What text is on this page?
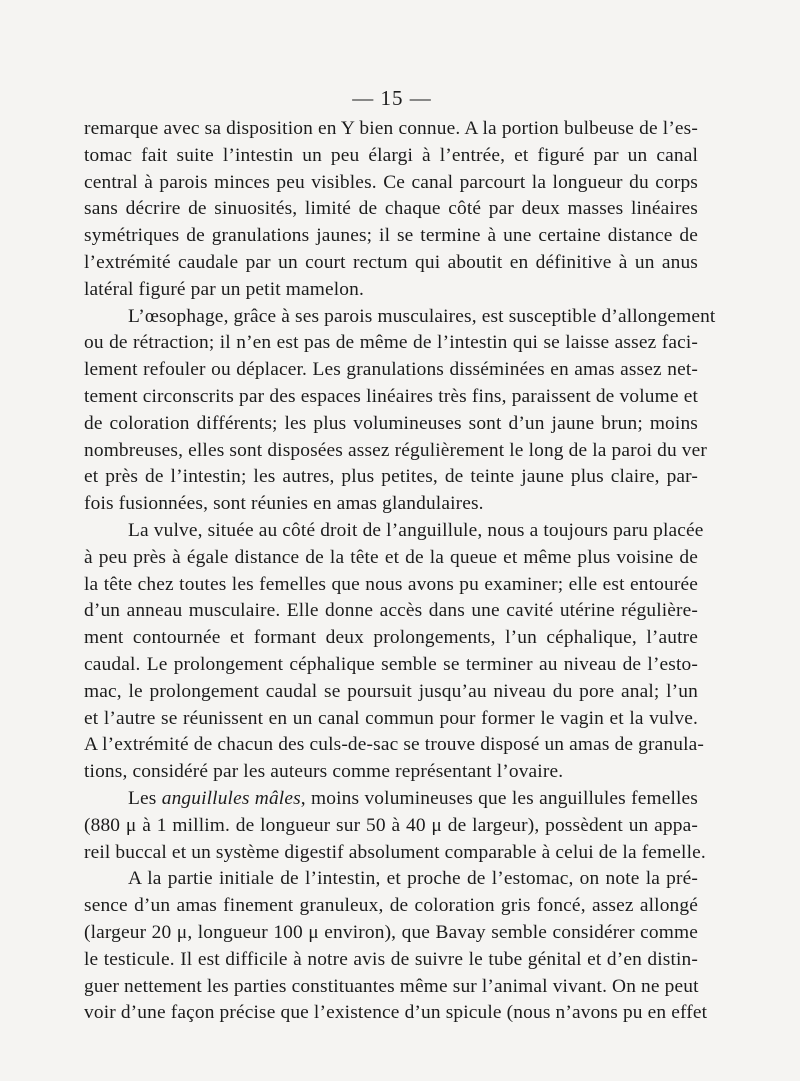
— 15 —
remarque avec sa disposition en Y bien connue. A la portion bulbeuse de l’es-
tomac fait suite l’intestin un peu élargi à l’entrée, et figuré par un canal
central à parois minces peu visibles. Ce canal parcourt la longueur du corps
sans décrire de sinuosités, limité de chaque côté par deux masses linéaires
symétriques de granulations jaunes; il se termine à une certaine distance de
l’extrémité caudale par un court rectum qui aboutit en définitive à un anus
latéral figuré par un petit mamelon.
L’œsophage, grâce à ses parois musculaires, est susceptible d’allongement
ou de rétraction; il n’en est pas de même de l’intestin qui se laisse assez faci-
lement refouler ou déplacer. Les granulations disséminées en amas assez net-
tement circonscrits par des espaces linéaires très fins, paraissent de volume et
de coloration différents; les plus volumineuses sont d’un jaune brun; moins
nombreuses, elles sont disposées assez régulièrement le long de la paroi du ver
et près de l’intestin; les autres, plus petites, de teinte jaune plus claire, par-
fois fusionnées, sont réunies en amas glandulaires.
La vulve, située au côté droit de l’anguillule, nous a toujours paru placée
à peu près à égale distance de la tête et de la queue et même plus voisine de
la tête chez toutes les femelles que nous avons pu examiner; elle est entourée
d’un anneau musculaire. Elle donne accès dans une cavité utérine régulière-
ment contournée et formant deux prolongements, l’un céphalique, l’autre
caudal. Le prolongement céphalique semble se terminer au niveau de l’esto-
mac, le prolongement caudal se poursuit jusqu’au niveau du pore anal; l’un
et l’autre se réunissent en un canal commun pour former le vagin et la vulve.
A l’extrémité de chacun des culs-de-sac se trouve disposé un amas de granula-
tions, considéré par les auteurs comme représentant l’ovaire.
Les anguillules mâles, moins volumineuses que les anguillules femelles
(880 μ à 1 millim. de longueur sur 50 à 40 μ de largeur), possèdent un appa-
reil buccal et un système digestif absolument comparable à celui de la femelle.
A la partie initiale de l’intestin, et proche de l’estomac, on note la pré-
sence d’un amas finement granuleux, de coloration gris foncé, assez allongé
(largeur 20 μ, longueur 100 μ environ), que Bavay semble considérer comme
le testicule. Il est difficile à notre avis de suivre le tube génital et d’en distin-
guer nettement les parties constituantes même sur l’animal vivant. On ne peut
voir d’une façon précise que l’existence d’un spicule (nous n’avons pu en effet
